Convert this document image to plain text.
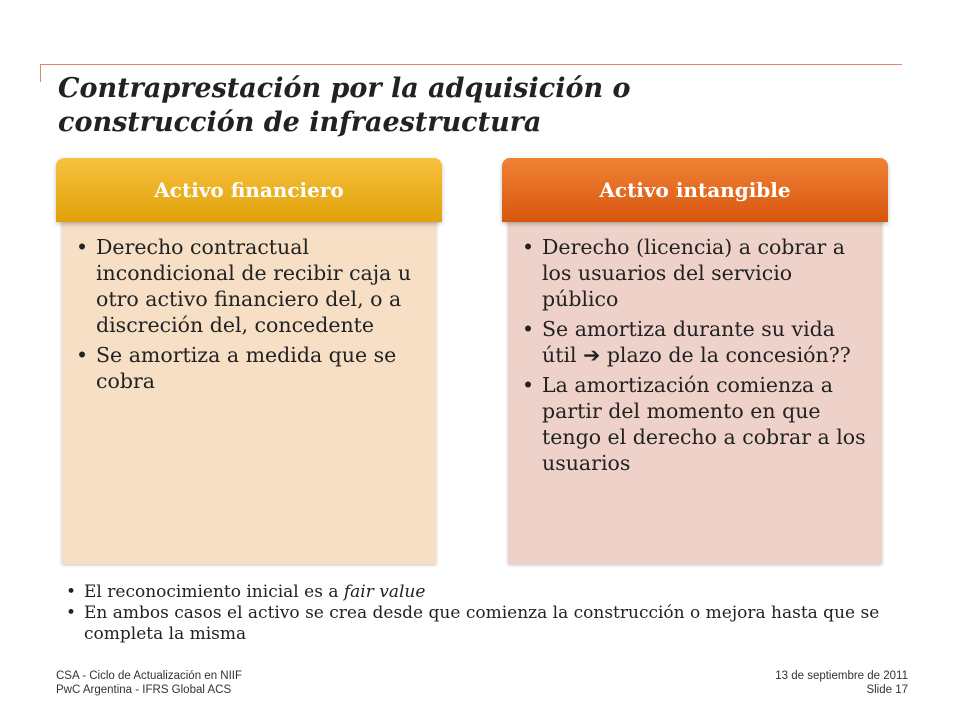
Contraprestación por la adquisición o
construcción de infraestructura
Activo financiero
• Derecho contractual incondicional de recibir caja u otro activo financiero del, o a discreción del, concedente
• Se amortiza a medida que se cobra
Activo intangible
• Derecho (licencia) a cobrar a los usuarios del servicio público
• Se amortiza durante su vida útil ➔ plazo de la concesión??
• La amortización comienza a partir del momento en que tengo el derecho a cobrar a los usuarios
• El reconocimiento inicial es a fair value
• En ambos casos el activo se crea desde que comienza la construcción o mejora hasta que se completa la misma
CSA - Ciclo de Actualización en NIIF
PwC Argentina - IFRS Global ACS
13 de septiembre de 2011
Slide 17
